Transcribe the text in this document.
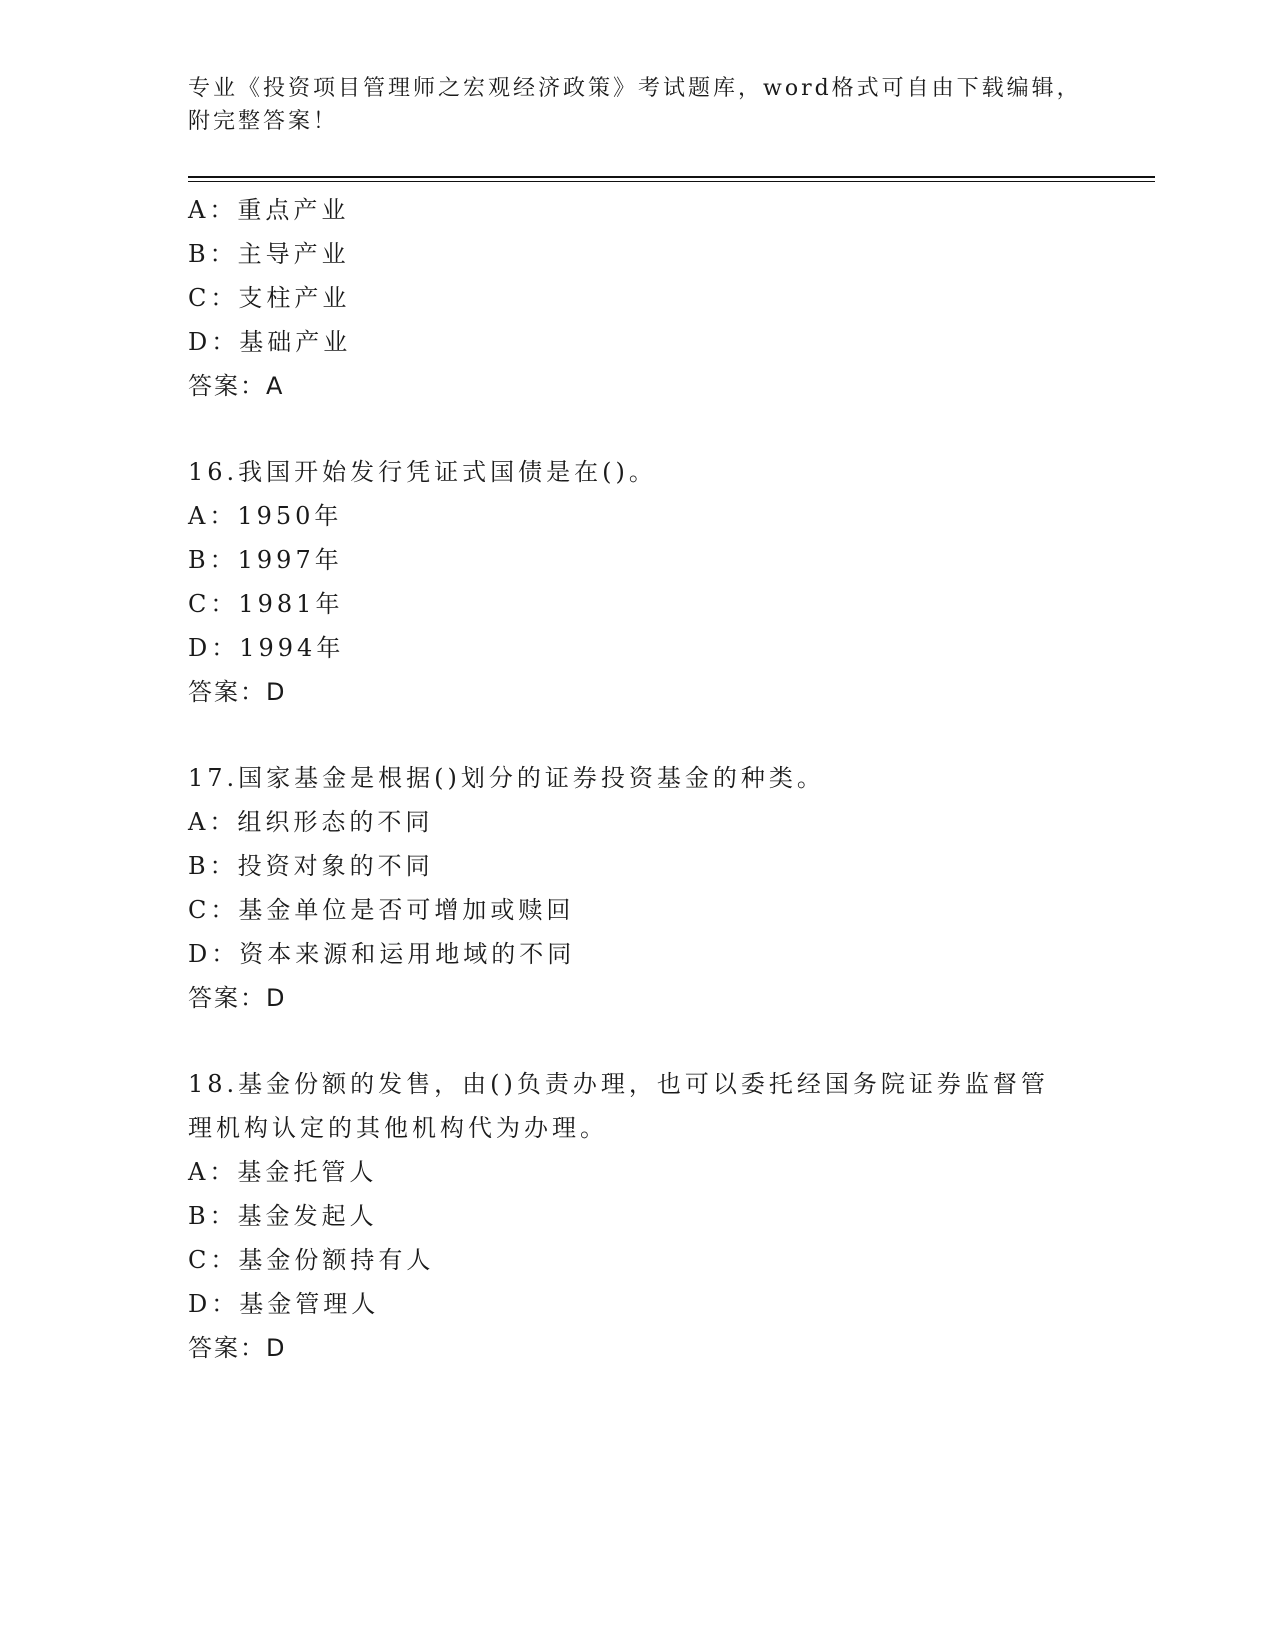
专业《投资项目管理师之宏观经济政策》考试题库，word格式可自由下载编辑，
附完整答案！
A：重点产业
B：主导产业
C：支柱产业
D：基础产业
答案：A
16.我国开始发行凭证式国债是在()。
A：1950年
B：1997年
C：1981年
D：1994年
答案：D
17.国家基金是根据()划分的证券投资基金的种类。
A：组织形态的不同
B：投资对象的不同
C：基金单位是否可增加或赎回
D：资本来源和运用地域的不同
答案：D
18.基金份额的发售，由()负责办理，也可以委托经国务院证券监督管
理机构认定的其他机构代为办理。
A：基金托管人
B：基金发起人
C：基金份额持有人
D：基金管理人
答案：D
